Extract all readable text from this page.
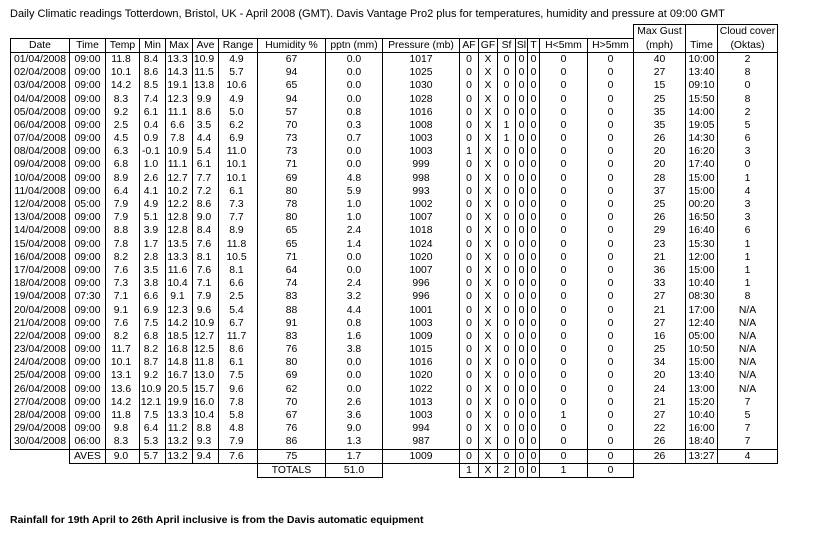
Daily Climatic readings Totterdown, Bristol, UK - April 2008 (GMT). Davis Vantage Pro2 plus for temperatures, humidity and pressure at 09:00 GMT
																	Max Gust		Cloud cover
Date	Time	Temp	Min	Max	Ave	Range	Humidity %	pptn (mm)	Pressure (mb)	AF	GF	Sf	Sl	T	H<5mm	H>5mm	(mph)	Time	(Oktas)
01/04/2008	09:00	11.8	8.4	13.3	10.9	4.9	67	0.0	1017	0	X	0	0	0	0	0	40	10:00	2
02/04/2008	09:00	10.1	8.6	14.3	11.5	5.7	94	0.0	1025	0	X	0	0	0	0	0	27	13:40	8
03/04/2008	09:00	14.2	8.5	19.1	13.8	10.6	65	0.0	1030	0	X	0	0	0	0	0	15	09:10	0
04/04/2008	09:00	8.3	7.4	12.3	9.9	4.9	94	0.0	1028	0	X	0	0	0	0	0	25	15:50	8
05/04/2008	09:00	9.2	6.1	11.1	8.6	5.0	57	0.8	1016	0	X	0	0	0	0	0	35	14:00	2
06/04/2008	09:00	2.5	0.4	6.6	3.5	6.2	70	0.3	1008	0	X	1	0	0	0	0	35	19:05	5
07/04/2008	09:00	4.5	0.9	7.8	4.4	6.9	73	0.7	1003	0	X	1	0	0	0	0	26	14:30	6
08/04/2008	09:00	6.3	-0.1	10.9	5.4	11.0	73	0.0	1003	1	X	0	0	0	0	0	20	16:20	3
09/04/2008	09:00	6.8	1.0	11.1	6.1	10.1	71	0.0	999	0	X	0	0	0	0	0	20	17:40	0
10/04/2008	09:00	8.9	2.6	12.7	7.7	10.1	69	4.8	998	0	X	0	0	0	0	0	28	15:00	1
11/04/2008	09:00	6.4	4.1	10.2	7.2	6.1	80	5.9	993	0	X	0	0	0	0	0	37	15:00	4
12/04/2008	05:00	7.9	4.9	12.2	8.6	7.3	78	1.0	1002	0	X	0	0	0	0	0	25	00:20	3
13/04/2008	09:00	7.9	5.1	12.8	9.0	7.7	80	1.0	1007	0	X	0	0	0	0	0	26	16:50	3
14/04/2008	09:00	8.8	3.9	12.8	8.4	8.9	65	2.4	1018	0	X	0	0	0	0	0	29	16:40	6
15/04/2008	09:00	7.8	1.7	13.5	7.6	11.8	65	1.4	1024	0	X	0	0	0	0	0	23	15:30	1
16/04/2008	09:00	8.2	2.8	13.3	8.1	10.5	71	0.0	1020	0	X	0	0	0	0	0	21	12:00	1
17/04/2008	09:00	7.6	3.5	11.6	7.6	8.1	64	0.0	1007	0	X	0	0	0	0	0	36	15:00	1
18/04/2008	09:00	7.3	3.8	10.4	7.1	6.6	74	2.4	996	0	X	0	0	0	0	0	33	10:40	1
19/04/2008	07:30	7.1	6.6	9.1	7.9	2.5	83	3.2	996	0	X	0	0	0	0	0	27	08:30	8
20/04/2008	09:00	9.1	6.9	12.3	9.6	5.4	88	4.4	1001	0	X	0	0	0	0	0	21	17:00	N/A
21/04/2008	09:00	7.6	7.5	14.2	10.9	6.7	91	0.8	1003	0	X	0	0	0	0	0	27	12:40	N/A
22/04/2008	09:00	8.2	6.8	18.5	12.7	11.7	83	1.6	1009	0	X	0	0	0	0	0	16	05:00	N/A
23/04/2008	09:00	11.7	8.2	16.8	12.5	8.6	76	3.8	1015	0	X	0	0	0	0	0	25	10:50	N/A
24/04/2008	09:00	10.1	8.7	14.8	11.8	6.1	80	0.0	1016	0	X	0	0	0	0	0	34	15:00	N/A
25/04/2008	09:00	13.1	9.2	16.7	13.0	7.5	69	0.0	1020	0	X	0	0	0	0	0	20	13:40	N/A
26/04/2008	09:00	13.6	10.9	20.5	15.7	9.6	62	0.0	1022	0	X	0	0	0	0	0	24	13:00	N/A
27/04/2008	09:00	14.2	12.1	19.9	16.0	7.8	70	2.6	1013	0	X	0	0	0	0	0	21	15:20	7
28/04/2008	09:00	11.8	7.5	13.3	10.4	5.8	67	3.6	1003	0	X	0	0	0	1	0	27	10:40	5
29/04/2008	09:00	9.8	6.4	11.2	8.8	4.8	76	9.0	994	0	X	0	0	0	0	0	22	16:00	7
30/04/2008	06:00	8.3	5.3	13.2	9.3	7.9	86	1.3	987	0	X	0	0	0	0	0	26	18:40	7
	AVES	9.0	5.7	13.2	9.4	7.6	75	1.7	1009	0	X	0	0	0	0	0	26	13:27	4
							TOTALS	51.0		1	X	2	0	0	1	0			
Rainfall for 19th April to 26th April inclusive is from the Davis automatic equipment
